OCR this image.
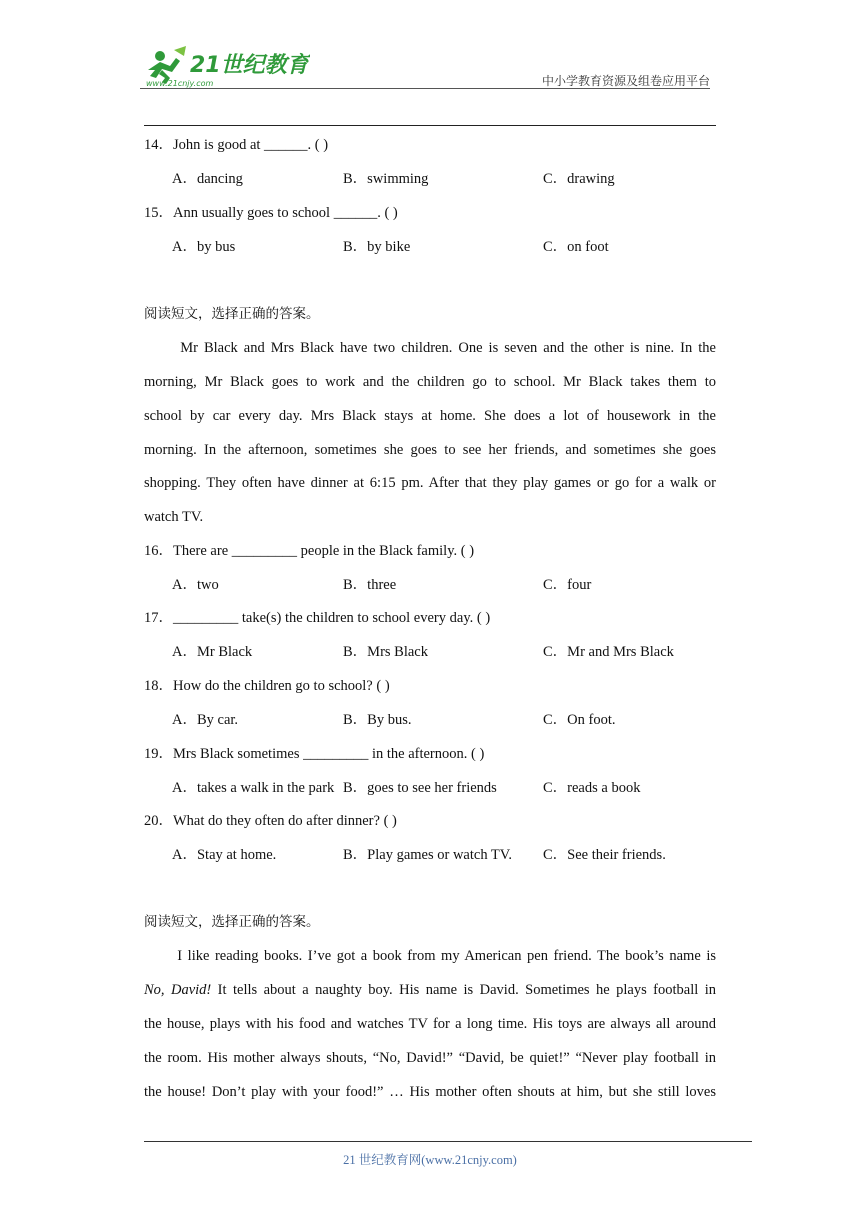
21世纪教育
www.21cnjy.com	中小学教育资源及组卷应用平台
14．John is good at ______. ( )
A．dancing	B．swimming	C．drawing
15．Ann usually goes to school ______. ( )
A．by bus	B．by bike	C．on foot
阅读短文，选择正确的答案。
Mr Black and Mrs Black have two children. One is seven and the other is nine. In the
morning, Mr Black goes to work and the children go to school. Mr Black takes them to
school by car every day. Mrs Black stays at home. She does a lot of housework in the
morning. In the afternoon, sometimes she goes to see her friends, and sometimes she goes
shopping. They often have dinner at 6:15 pm. After that they play games or go for a walk or
watch TV.
16．There are _________ people in the Black family. ( )
A．two	B．three	C．four
17．_________ take(s) the children to school every day. ( )
A．Mr Black	B．Mrs Black	C．Mr and Mrs Black
18．How do the children go to school? ( )
A．By car.	B．By bus.	C．On foot.
19．Mrs Black sometimes _________ in the afternoon. ( )
A．takes a walk in the park B．goes to see her friends	C．reads a book
20．What do they often do after dinner? ( )
A．Stay at home.	B．Play games or watch TV. C．See their friends.
阅读短文，选择正确的答案。
I like reading books. I’ve got a book from my American pen friend. The book’s name is
No, David! It tells about a naughty boy. His name is David. Sometimes he plays football in
the house, plays with his food and watches TV for a long time. His toys are always all around
the room. His mother always shouts, “No, David!” “David, be quiet!” “Never play football in
the house! Don’t play with your food!” … His mother often shouts at him, but she still loves
21 世纪教育网(www.21cnjy.com)
